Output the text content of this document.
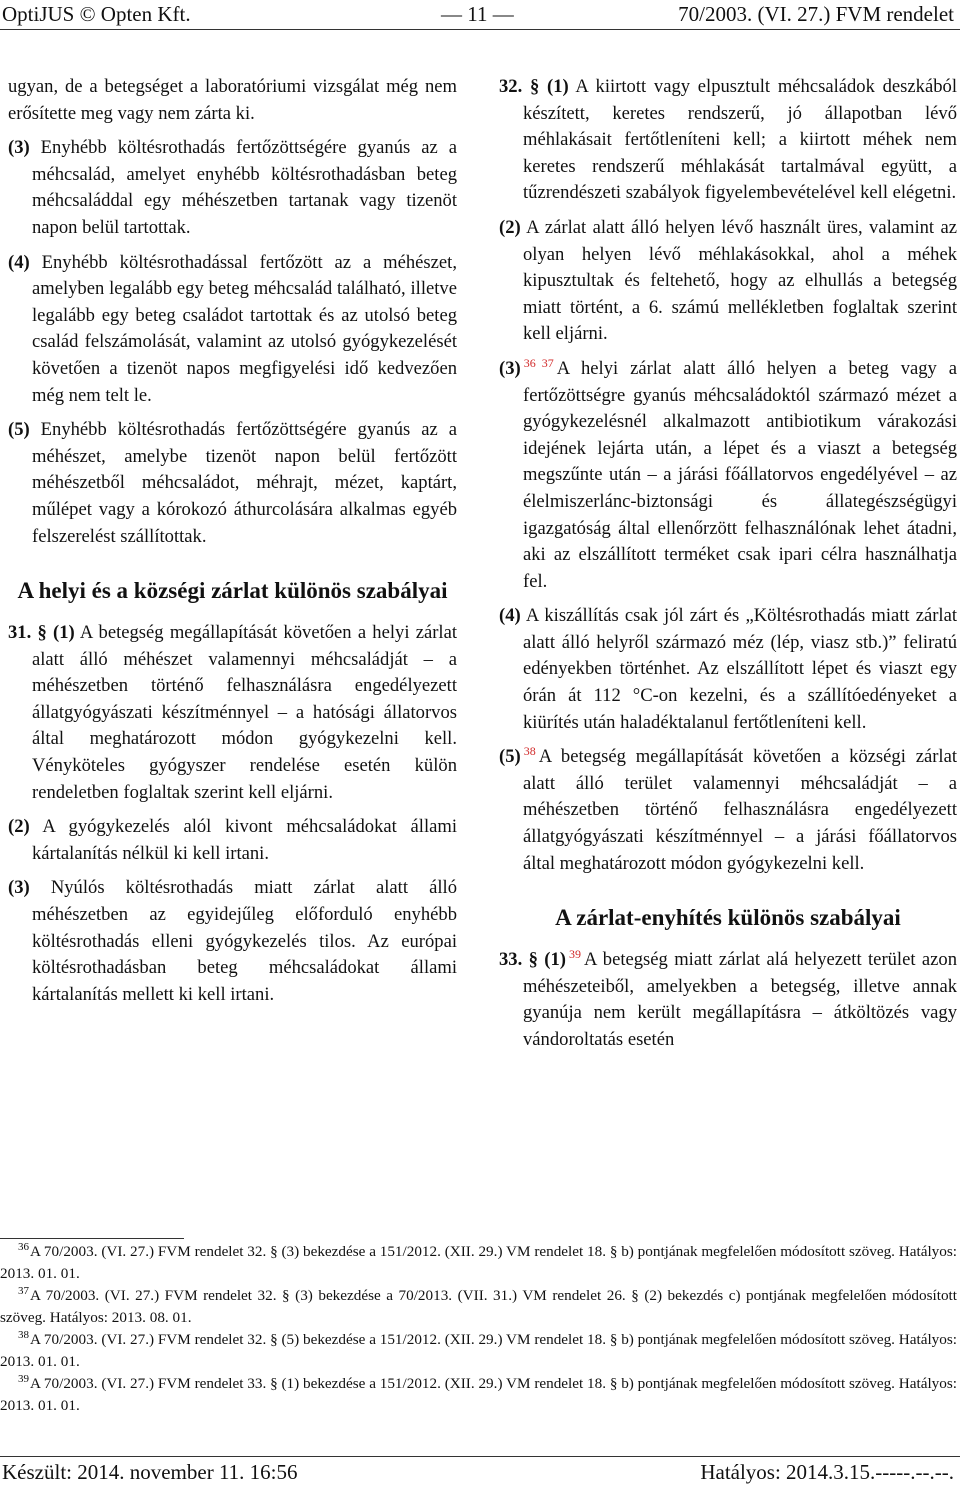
OptiJUS © Opten Kft.	— 11 —	70/2003. (VI. 27.) FVM rendelet

ugyan, de a betegséget a laboratóriumi vizsgálat még nem erősítette meg vagy nem zárta ki.

(3) Enyhébb költésrothadás fertőzöttségére gyanús az a méhcsalád, amelyet enyhébb költésrothadásban beteg méhcsaláddal egy méhészetben tartanak vagy tizenöt napon belül tartottak.

(4) Enyhébb költésrothadással fertőzött az a méhészet, amelyben legalább egy beteg méhcsalád található, illetve legalább egy beteg családot tartottak és az utolsó beteg család felszámolását, valamint az utolsó gyógykezelését követően a tizenöt napos megfigyelési idő kedvezően még nem telt le.

(5) Enyhébb költésrothadás fertőzöttségére gyanús az a méhészet, amelybe tizenöt napon belül fertőzött méhészetből méhcsaládot, méhrajt, mézet, kaptárt, műlépet vagy a kórokozó áthurcolására alkalmas egyéb felszerelést szállítottak.

A helyi és a községi zárlat különös szabályai

31. § (1) A betegség megállapítását követően a helyi zárlat alatt álló méhészet valamennyi méhcsaládját – a méhészetben történő felhasználásra engedélyezett állatgyógyászati készítménnyel – a hatósági állatorvos által meghatározott módon gyógykezelni kell. Vényköteles gyógyszer rendelése esetén külön rendeletben foglaltak szerint kell eljárni.

(2) A gyógykezelés alól kivont méhcsaládokat állami kártalanítás nélkül ki kell irtani.

(3) Nyúlós költésrothadás miatt zárlat alatt álló méhészetben az egyidejűleg előforduló enyhébb költésrothadás elleni gyógykezelés tilos. Az európai költésrothadásban beteg méhcsaládokat állami kártalanítás mellett ki kell irtani.

32. § (1) A kiirtott vagy elpusztult méhcsaládok deszkából készített, keretes rendszerű, jó állapotban lévő méhlakásait fertőtleníteni kell; a kiirtott méhek nem keretes rendszerű méhlakását tartalmával együtt, a tűzrendészeti szabályok figyelembevételével kell elégetni.

(2) A zárlat alatt álló helyen lévő használt üres, valamint az olyan helyen lévő méhlakásokkal, ahol a méhek kipusztultak és feltehető, hogy az elhullás a betegség miatt történt, a 6. számú mellékletben foglaltak szerint kell eljárni.

(3) $^{36}$ $^{37}$ A helyi zárlat alatt álló helyen a beteg vagy a fertőzöttségre gyanús méhcsaládoktól származó mézet a gyógykezelésnél alkalmazott antibiotikum várakozási idejének lejárta után, a lépet és a viaszt a betegség megszűnte után – a járási főállatorvos engedélyével – az élelmiszerlánc-biztonsági és állategészségügyi igazgatóság által ellenőrzött felhasználónak lehet átadni, aki az elszállított terméket csak ipari célra használhatja fel.

(4) A kiszállítás csak jól zárt és „Költésrothadás miatt zárlat alatt álló helyről származó méz (lép, viasz stb.)” feliratú edényekben történhet. Az elszállított lépet és viaszt egy órán át 112 °C-on kezelni, és a szállítóedényeket a kiürítés után haladéktalanul fertőtleníteni kell.

(5) $^{38}$ A betegség megállapítását követően a községi zárlat alatt álló terület valamennyi méhcsaládját – a méhészetben történő felhasználásra engedélyezett állatgyógyászati készítménnyel – a járási főállatorvos által meghatározott módon gyógykezelni kell.

A zárlat-enyhítés különös szabályai

33. § (1) $^{39}$ A betegség miatt zárlat alá helyezett terület azon méhészeteiből, amelyekben a betegség, illetve annak gyanúja nem került megállapításra – átköltözés vagy vándoroltatás esetén

$^{36}$A 70/2003. (VI. 27.) FVM rendelet 32. § (3) bekezdése a 151/2012. (XII. 29.) VM rendelet 18. § b) pontjának megfelelően módosított szöveg. Hatályos: 2013. 01. 01.

$^{37}$A 70/2003. (VI. 27.) FVM rendelet 32. § (3) bekezdése a 70/2013. (VII. 31.) VM rendelet 26. § (2) bekezdés c) pontjának megfelelően módosított szöveg. Hatályos: 2013. 08. 01.

$^{38}$A 70/2003. (VI. 27.) FVM rendelet 32. § (5) bekezdése a 151/2012. (XII. 29.) VM rendelet 18. § b) pontjának megfelelően módosított szöveg. Hatályos: 2013. 01. 01.

$^{39}$A 70/2003. (VI. 27.) FVM rendelet 33. § (1) bekezdése a 151/2012. (XII. 29.) VM rendelet 18. § b) pontjának megfelelően módosított szöveg. Hatályos: 2013. 01. 01.

Készült: 2014. november 11. 16:56	Hatályos: 2014.3.15.-----.--.--.
